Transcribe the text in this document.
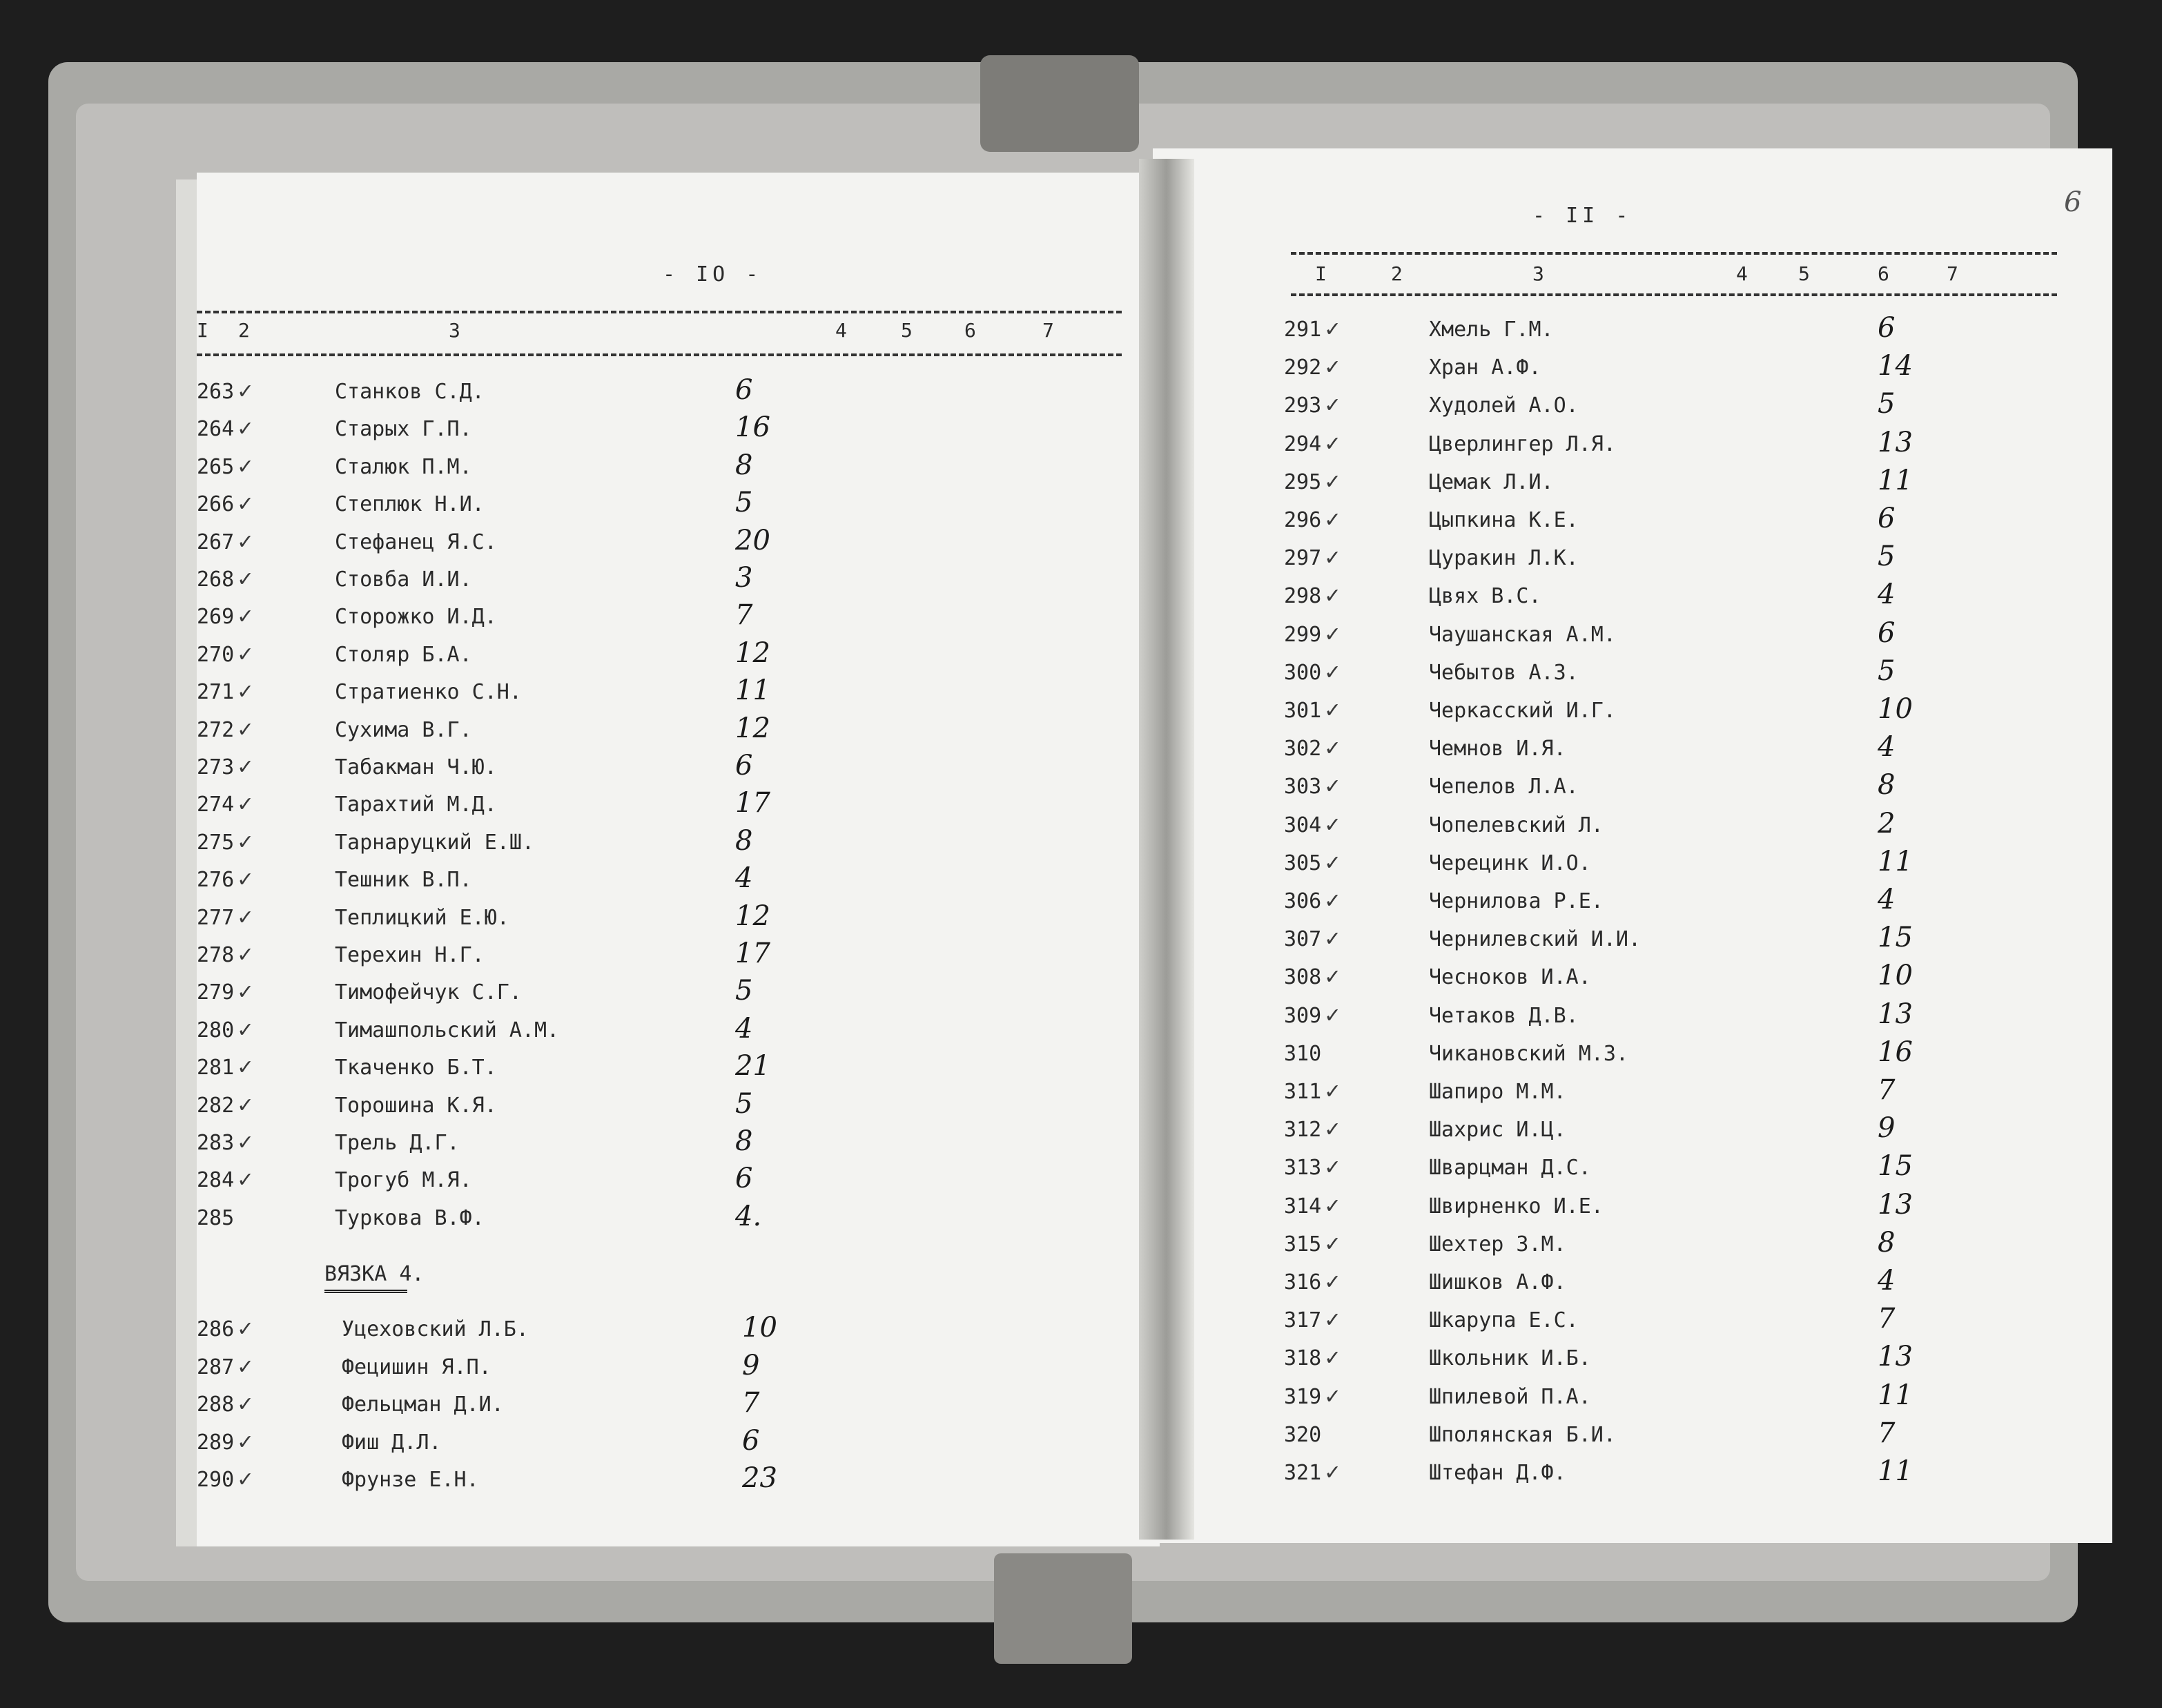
- IO -
I 2	3	4	5	6	7
263 ✓	Станков С.Д.	6
264 ✓	Старых Г.П.	16
265 ✓	Сталюк П.М.	8
266 ✓	Степлюк Н.И.	5
267 ✓	Стефанец Я.С.	20
268 ✓	Стовба И.И.	3
269 ✓	Сторожко И.Д.	7
270 ✓	Столяр Б.А.	12
271 ✓	Стратиенко С.Н.	11
272 ✓	Сухима В.Г.	12
273 ✓	Табакман Ч.Ю.	6
274 ✓	Тарахтий М.Д.	17
275 ✓	Тарнаруцкий Е.Ш.	8
276 ✓	Тешник В.П.	4
277 ✓	Теплицкий Е.Ю.	12
278 ✓	Терехин Н.Г.	17
279 ✓	Тимофейчук С.Г.	5
280 ✓	Тимашпольский А.М.	4
281 ✓	Ткаченко Б.Т.	21
282 ✓	Торошина К.Я.	5
283 ✓	Трель Д.Г.	8
284 ✓	Трогуб М.Я.	6
285	Туркова В.Ф.	4.
ВЯЗКА 4.
286 ✓	Уцеховский Л.Б.	10
287 ✓	Фецишин Я.П.	9
288 ✓	Фельцман Д.И.	7
289 ✓	Фиш Д.Л.	6
290 ✓	Фрунзе Е.Н.	23
- II -	6
I	2	3	4	5	6	7
291 ✓	Хмель Г.М.	6
292 ✓	Хран А.Ф.	14
293 ✓	Худолей А.О.	5
294 ✓	Цверлингер Л.Я.	13
295 ✓	Цемак Л.И.	11
296 ✓	Цыпкина К.Е.	6
297 ✓	Цуракин Л.К.	5
298 ✓	Цвях В.С.	4
299 ✓	Чаушанская А.М.	6
300 ✓	Чебытов А.З.	5
301 ✓	Черкасский И.Г.	10
302 ✓	Чемнов И.Я.	4
303 ✓	Чепелов Л.А.	8
304 ✓	Чопелевский Л.	2
305 ✓	Черецинк И.О.	11
306 ✓	Чернилова Р.Е.	4
307 ✓	Чернилевский И.И.	15
308 ✓	Чесноков И.А.	10
309 ✓	Четаков Д.В.	13
310	Чикановский М.З.	16
311 ✓	Шапиро М.М.	7
312 ✓	Шахрис И.Ц.	9
313 ✓	Шварцман Д.С.	15
314 ✓	Швирненко И.Е.	13
315 ✓	Шехтер З.М.	8
316 ✓	Шишков А.Ф.	4
317 ✓	Шкарупа Е.С.	7
318 ✓	Школьник И.Б.	13
319 ✓	Шпилевой П.А.	11
320	Шполянская Б.И.	7
321 ✓	Штефан Д.Ф.	11
